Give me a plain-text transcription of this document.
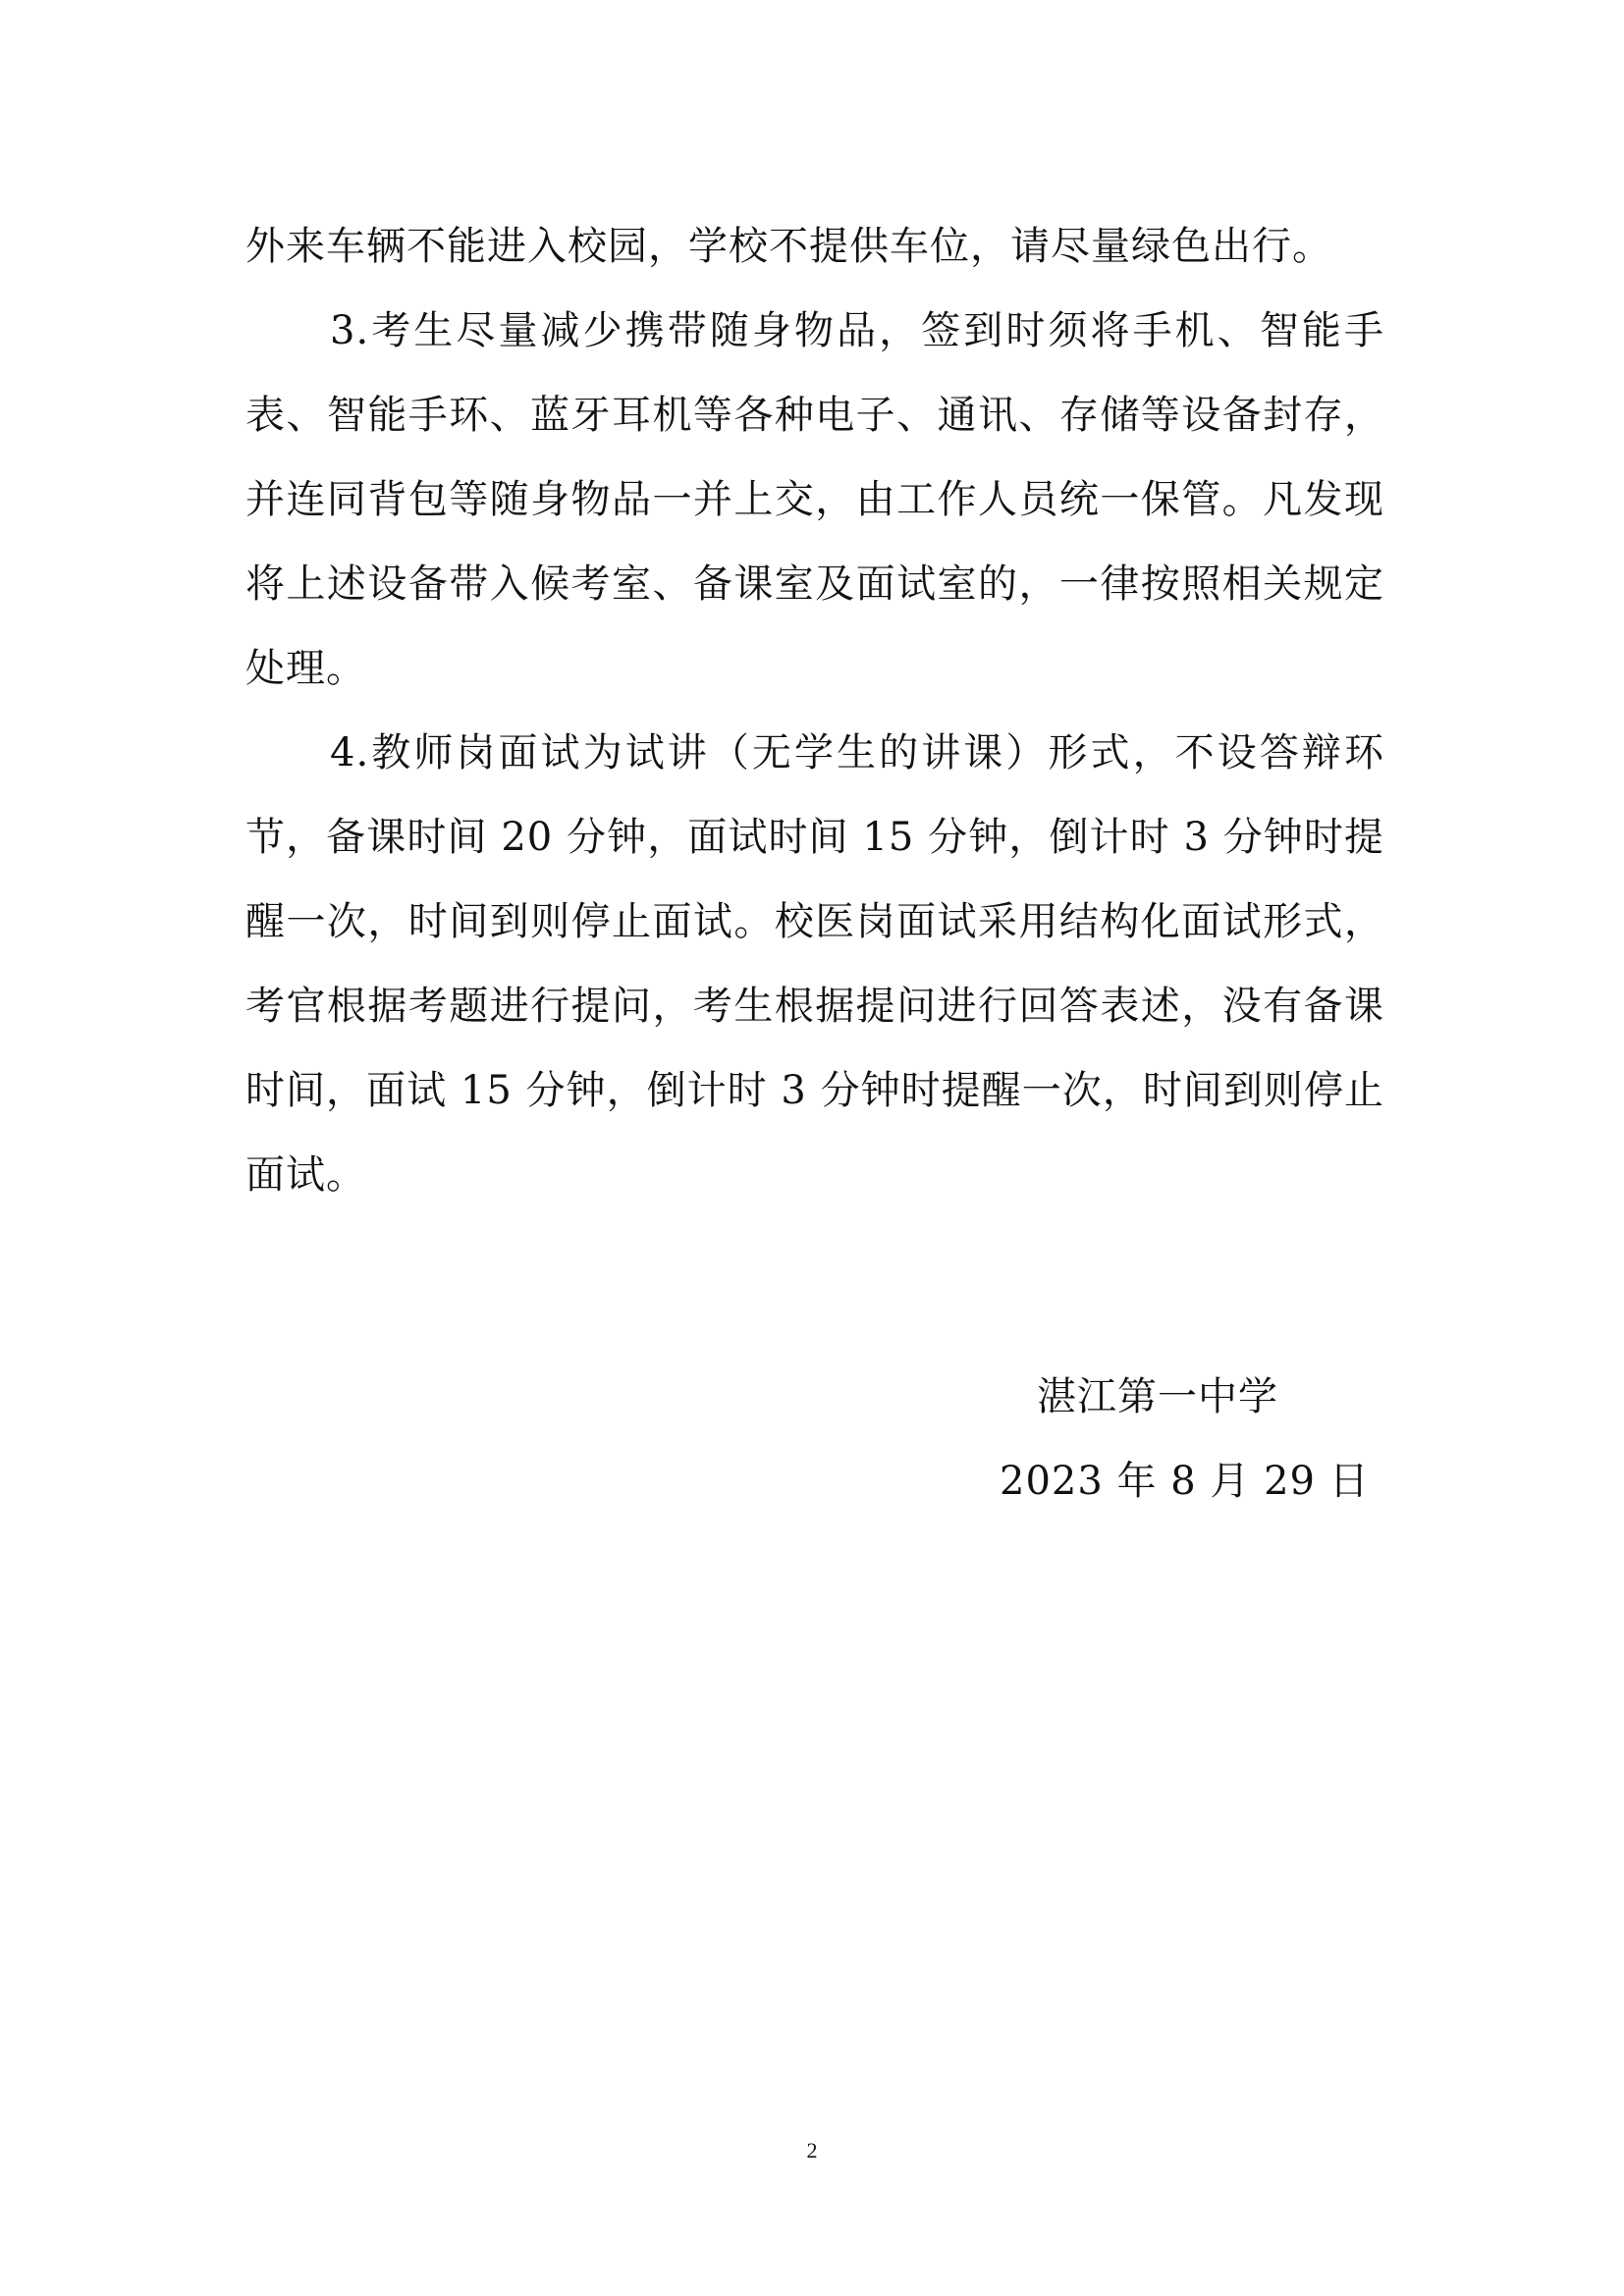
外来车辆不能进入校园，学校不提供车位，请尽量绿色出行。

3.考生尽量减少携带随身物品，签到时须将手机、智能手表、智能手环、蓝牙耳机等各种电子、通讯、存储等设备封存，并连同背包等随身物品一并上交，由工作人员统一保管。凡发现将上述设备带入候考室、备课室及面试室的，一律按照相关规定处理。

4.教师岗面试为试讲（无学生的讲课）形式，不设答辩环节，备课时间 20 分钟，面试时间 15 分钟，倒计时 3 分钟时提醒一次，时间到则停止面试。校医岗面试采用结构化面试形式，考官根据考题进行提问，考生根据提问进行回答表述，没有备课时间，面试 15 分钟，倒计时 3 分钟时提醒一次，时间到则停止面试。

湛江第一中学
2023 年 8 月 29 日
2
